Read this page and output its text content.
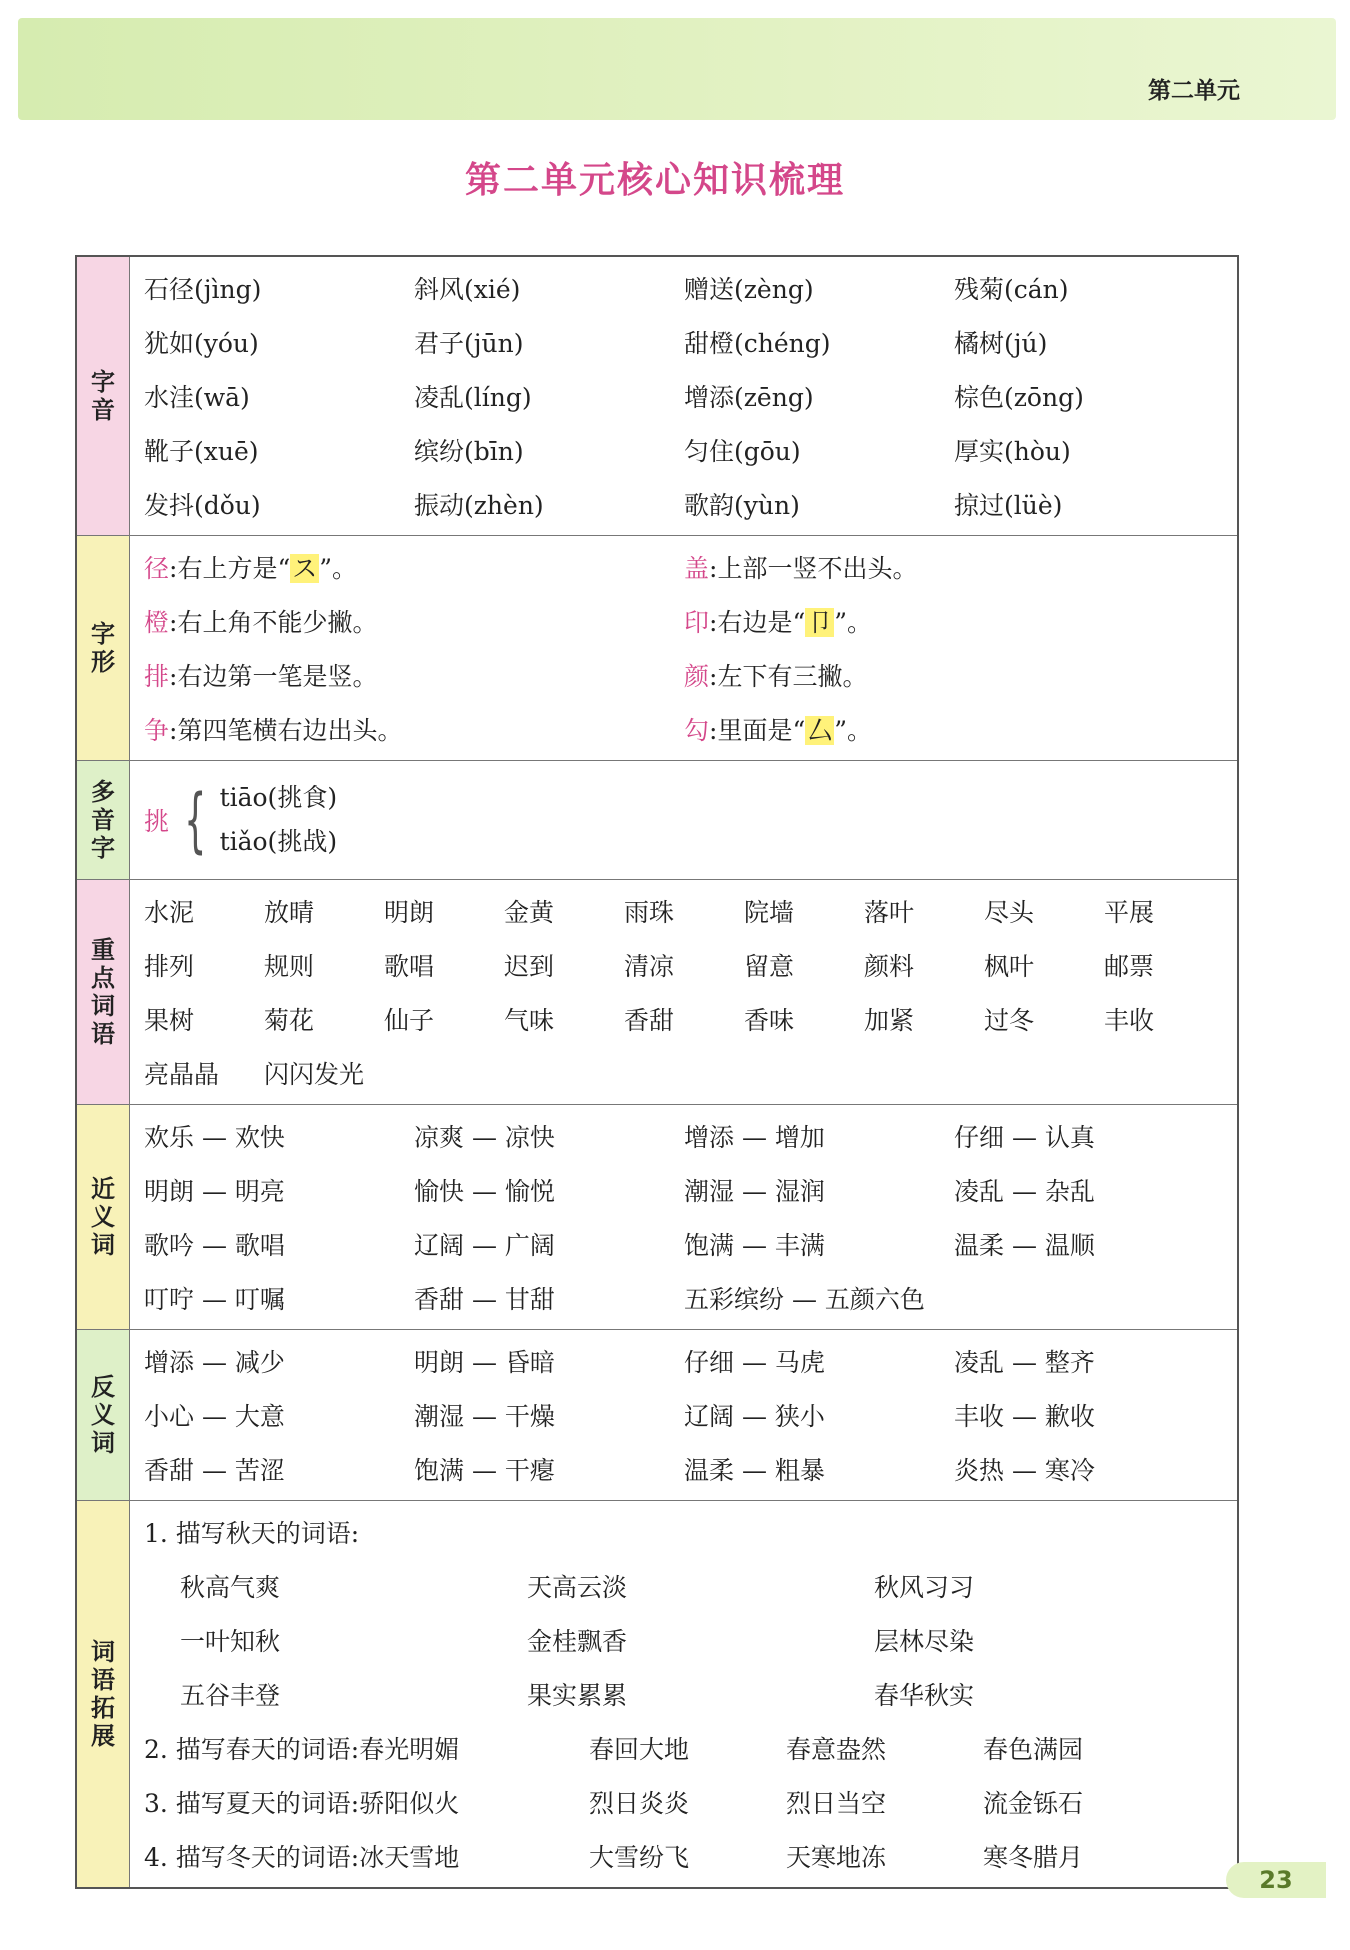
第二单元
第二单元核心知识梳理
字音
石径(jìng)	斜风(xié)	赠送(zèng)	残菊(cán)
犹如(yóu)	君子(jūn)	甜橙(chéng)	橘树(jú)
水洼(wā)	凌乱(líng)	增添(zēng)	棕色(zōng)
靴子(xuē)	缤纷(bīn)	匀住(gōu)	厚实(hòu)
发抖(dǒu)	振动(zhèn)	歌韵(yùn)	掠过(lüè)
字形
径:右上方是“ス”。	盖:上部一竖不出头。
橙:右上角不能少撇。	印:右边是“卩”。
排:右边第一笔是竖。	颜:左下有三撇。
争:第四笔横右边出头。	勾:里面是“厶”。
多音字
挑 { tiāo(挑食)
tiǎo(挑战)
重点词语
水泥	放晴	明朗	金黄	雨珠	院墙	落叶	尽头	平展
排列	规则	歌唱	迟到	清凉	留意	颜料	枫叶	邮票
果树	菊花	仙子	气味	香甜	香味	加紧	过冬	丰收
亮晶晶	闪闪发光
近义词
欢乐 — 欢快	凉爽 — 凉快	增添 — 增加	仔细 — 认真
明朗 — 明亮	愉快 — 愉悦	潮湿 — 湿润	凌乱 — 杂乱
歌吟 — 歌唱	辽阔 — 广阔	饱满 — 丰满	温柔 — 温顺
叮咛 — 叮嘱	香甜 — 甘甜	五彩缤纷 — 五颜六色
反义词
增添 — 减少	明朗 — 昏暗	仔细 — 马虎	凌乱 — 整齐
小心 — 大意	潮湿 — 干燥	辽阔 — 狭小	丰收 — 歉收
香甜 — 苦涩	饱满 — 干瘪	温柔 — 粗暴	炎热 — 寒冷
词语拓展
1. 描写秋天的词语:
秋高气爽	天高云淡	秋风习习
一叶知秋	金桂飘香	层林尽染
五谷丰登	果实累累	春华秋实
2. 描写春天的词语:春光明媚	春回大地	春意盎然	春色满园
3. 描写夏天的词语:骄阳似火	烈日炎炎	烈日当空	流金铄石
4. 描写冬天的词语:冰天雪地	大雪纷飞	天寒地冻	寒冬腊月
23
